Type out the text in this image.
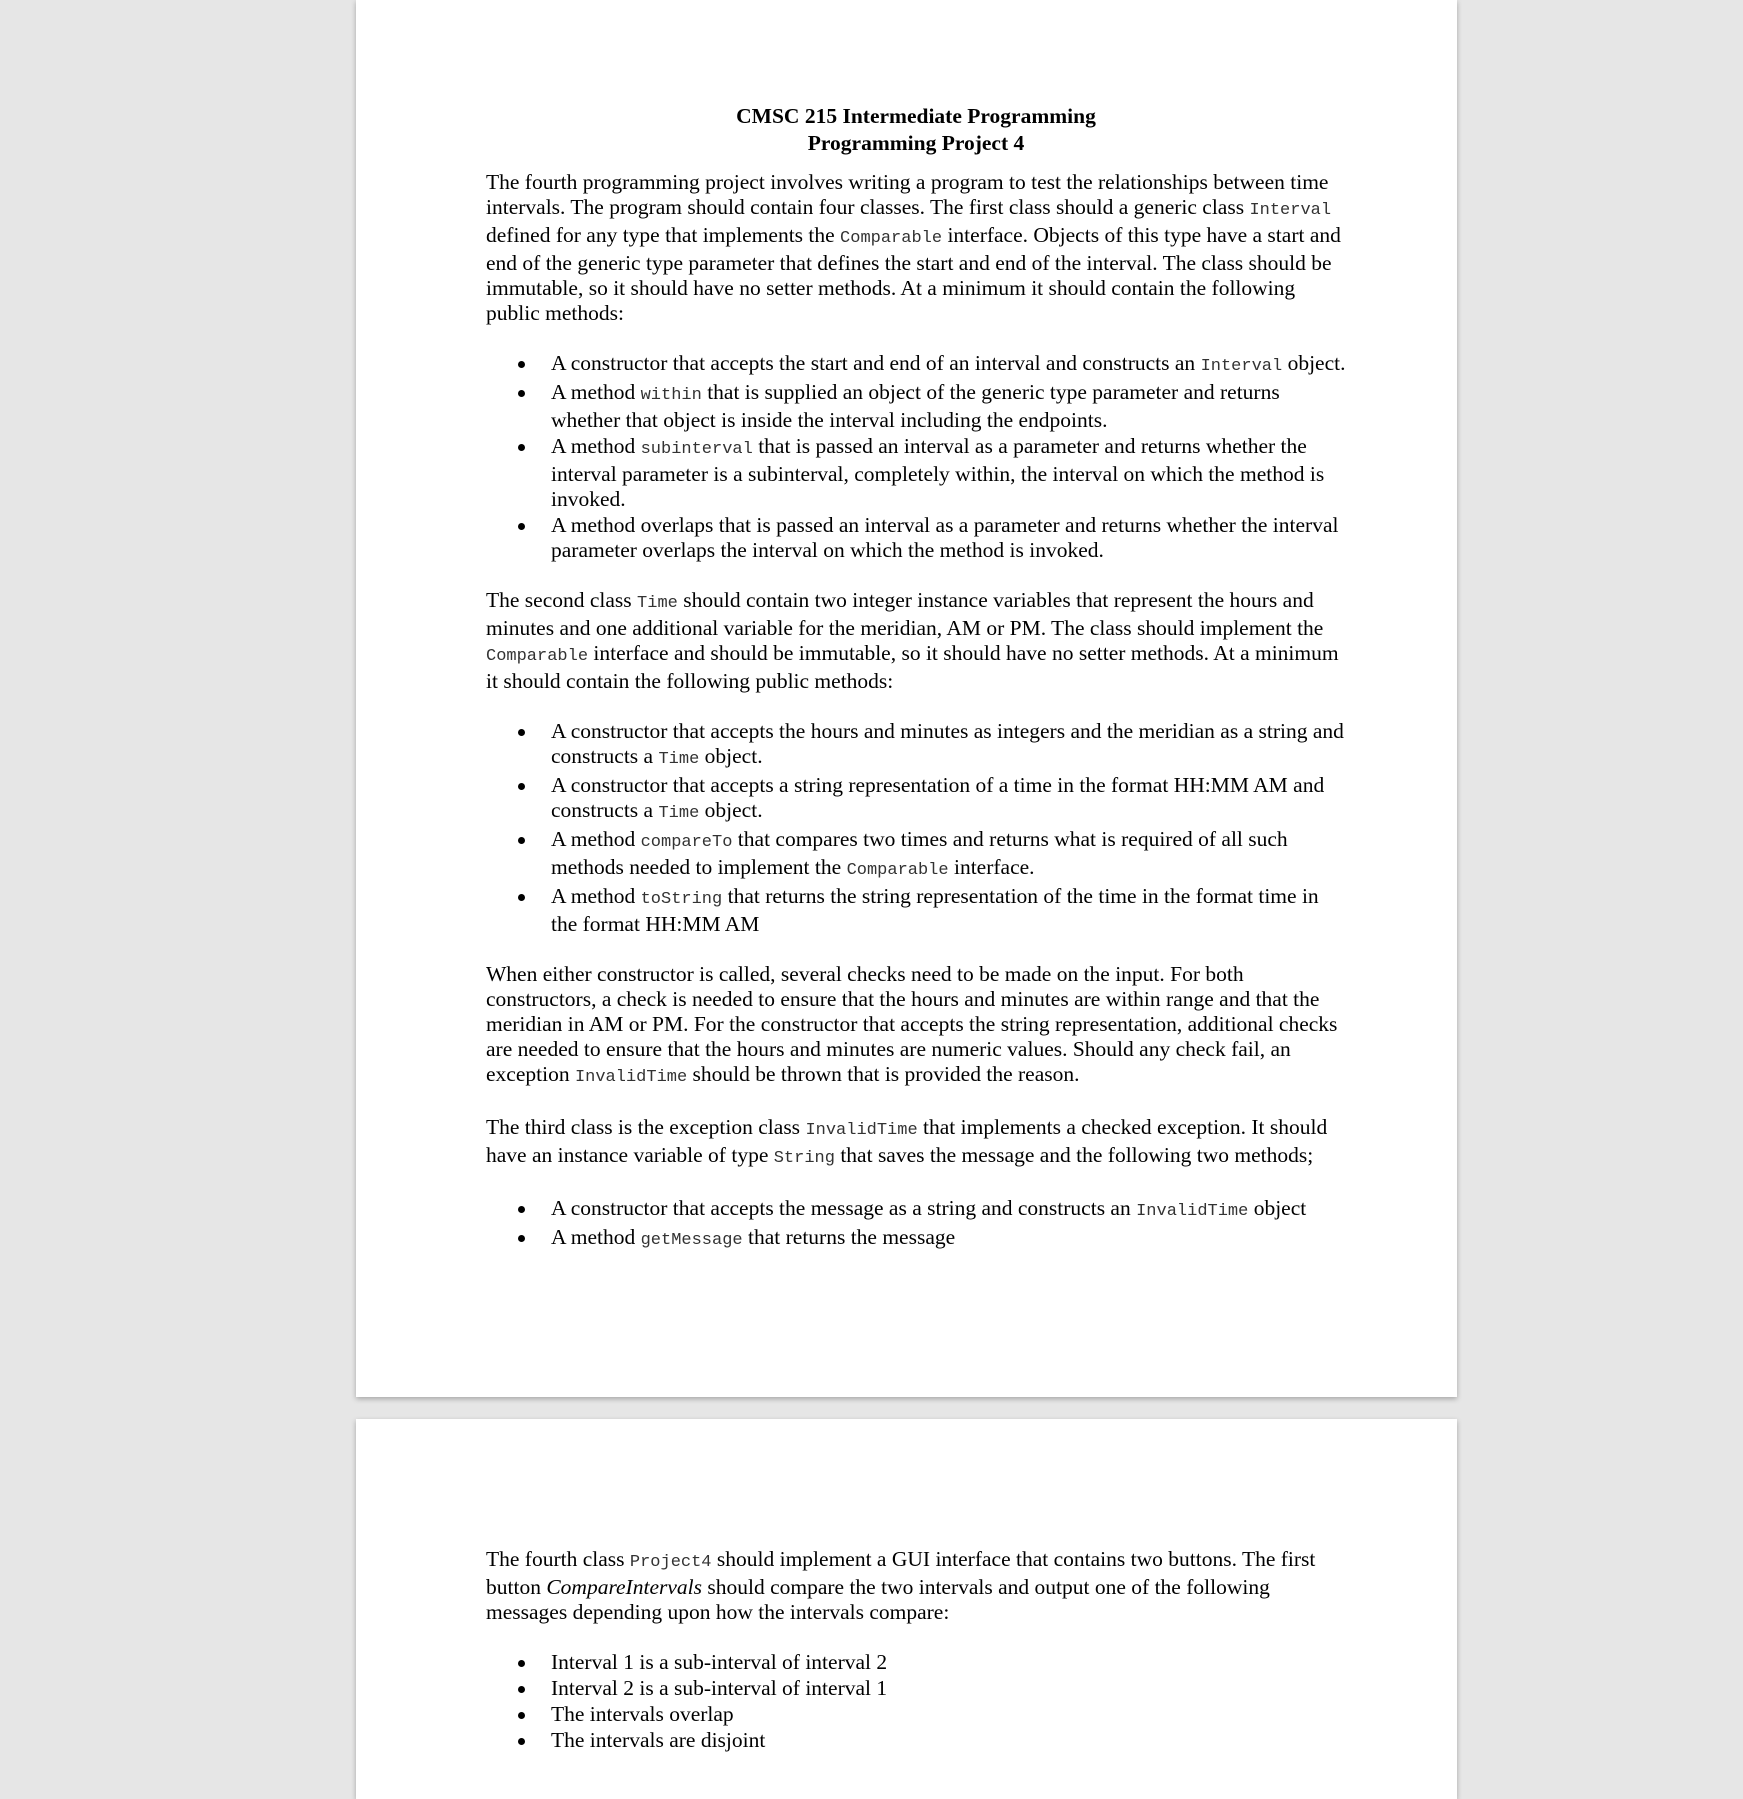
CMSC 215 Intermediate Programming
Programming Project 4

The fourth programming project involves writing a program to test the relationships between time intervals. The program should contain four classes. The first class should a generic class Interval defined for any type that implements the Comparable interface. Objects of this type have a start and end of the generic type parameter that defines the start and end of the interval. The class should be immutable, so it should have no setter methods. At a minimum it should contain the following public methods:

A constructor that accepts the start and end of an interval and constructs an Interval object.
A method within that is supplied an object of the generic type parameter and returns whether that object is inside the interval including the endpoints.
A method subinterval that is passed an interval as a parameter and returns whether the interval parameter is a subinterval, completely within, the interval on which the method is invoked.
A method overlaps that is passed an interval as a parameter and returns whether the interval parameter overlaps the interval on which the method is invoked.

The second class Time should contain two integer instance variables that represent the hours and minutes and one additional variable for the meridian, AM or PM. The class should implement the Comparable interface and should be immutable, so it should have no setter methods. At a minimum it should contain the following public methods:

A constructor that accepts the hours and minutes as integers and the meridian as a string and constructs a Time object.
A constructor that accepts a string representation of a time in the format HH:MM AM and constructs a Time object.
A method compareTo that compares two times and returns what is required of all such methods needed to implement the Comparable interface.
A method toString that returns the string representation of the time in the format time in the format HH:MM AM

When either constructor is called, several checks need to be made on the input. For both constructors, a check is needed to ensure that the hours and minutes are within range and that the meridian in AM or PM. For the constructor that accepts the string representation, additional checks are needed to ensure that the hours and minutes are numeric values. Should any check fail, an exception InvalidTime should be thrown that is provided the reason.

The third class is the exception class InvalidTime that implements a checked exception. It should have an instance variable of type String that saves the message and the following two methods;

A constructor that accepts the message as a string and constructs an InvalidTime object
A method getMessage that returns the message

The fourth class Project4 should implement a GUI interface that contains two buttons. The first button CompareIntervals should compare the two intervals and output one of the following messages depending upon how the intervals compare:

Interval 1 is a sub-interval of interval 2
Interval 2 is a sub-interval of interval 1
The intervals overlap
The intervals are disjoint
